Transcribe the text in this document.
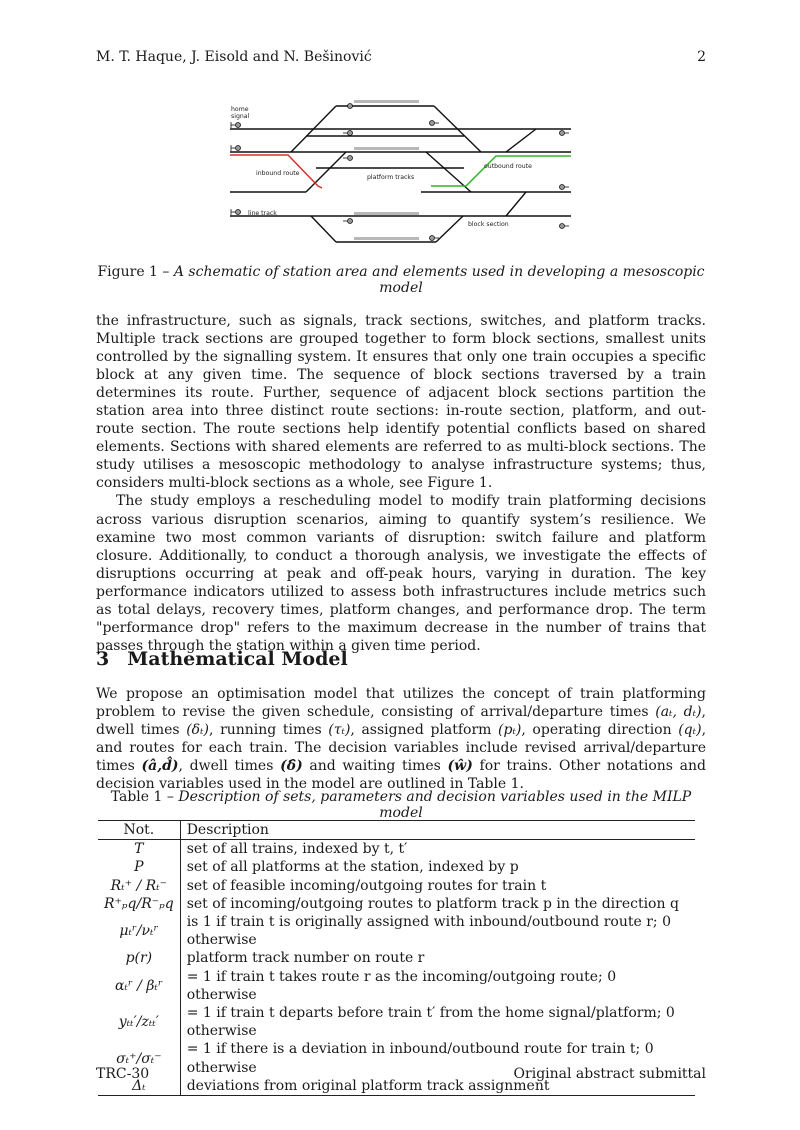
M. T. Haque, J. Eisold and N. Bešinović	2
home
signal
inbound route
platform tracks
outbound route
line track
block section
Figure 1 – A schematic of station area and elements used in developing a mesoscopic model

the infrastructure, such as signals, track sections, switches, and platform tracks. Multiple track sections are grouped together to form block sections, smallest units controlled by the signalling system. It ensures that only one train occupies a specific block at any given time. The sequence of block sections traversed by a train determines its route. Further, sequence of adjacent block sections partition the station area into three distinct route sections: in-route section, platform, and out-route section. The route sections help identify potential conflicts based on shared elements. Sections with shared elements are referred to as multi-block sections. The study utilises a mesoscopic methodology to analyse infrastructure systems; thus, considers multi-block sections as a whole, see Figure 1.

The study employs a rescheduling model to modify train platforming decisions across various disruption scenarios, aiming to quantify system’s resilience. We examine two most common variants of disruption: switch failure and platform closure. Additionally, to conduct a thorough analysis, we investigate the effects of disruptions occurring at peak and off-peak hours, varying in duration. The key performance indicators utilized to assess both infrastructures include metrics such as total delays, recovery times, platform changes, and performance drop. The term "performance drop" refers to the maximum decrease in the number of trains that passes through the station within a given time period.

3 Mathematical Model

We propose an optimisation model that utilizes the concept of train platforming problem to revise the given schedule, consisting of arrival/departure times (aₜ, dₜ), dwell times (δₜ), running times (τₜ), assigned platform (pₜ), operating direction (qₜ), and routes for each train. The decision variables include revised arrival/departure times (â,d̂), dwell times (δ̂) and waiting times (ŵ) for trains. Other notations and decision variables used in the model are outlined in Table 1.

Table 1 – Description of sets, parameters and decision variables used in the MILP model
Not.	Description
T	set of all trains, indexed by t, t′
P	set of all platforms at the station, indexed by p
Rₜ⁺ / Rₜ⁻	set of feasible incoming/outgoing routes for train t
R⁺ₚq/R⁻ₚq	set of incoming/outgoing routes to platform track p in the direction q
μₜʳ/νₜʳ	is 1 if train t is originally assigned with inbound/outbound route r; 0 otherwise
p(r)	platform track number on route r
αₜʳ / βₜʳ	= 1 if train t takes route r as the incoming/outgoing route; 0 otherwise
yₜₜ′/zₜₜ′	= 1 if train t departs before train t′ from the home signal/platform; 0 otherwise
σₜ⁺/σₜ⁻	= 1 if there is a deviation in inbound/outbound route for train t; 0 otherwise
Δₜ	deviations from original platform track assignment
TRC-30	Original abstract submittal
